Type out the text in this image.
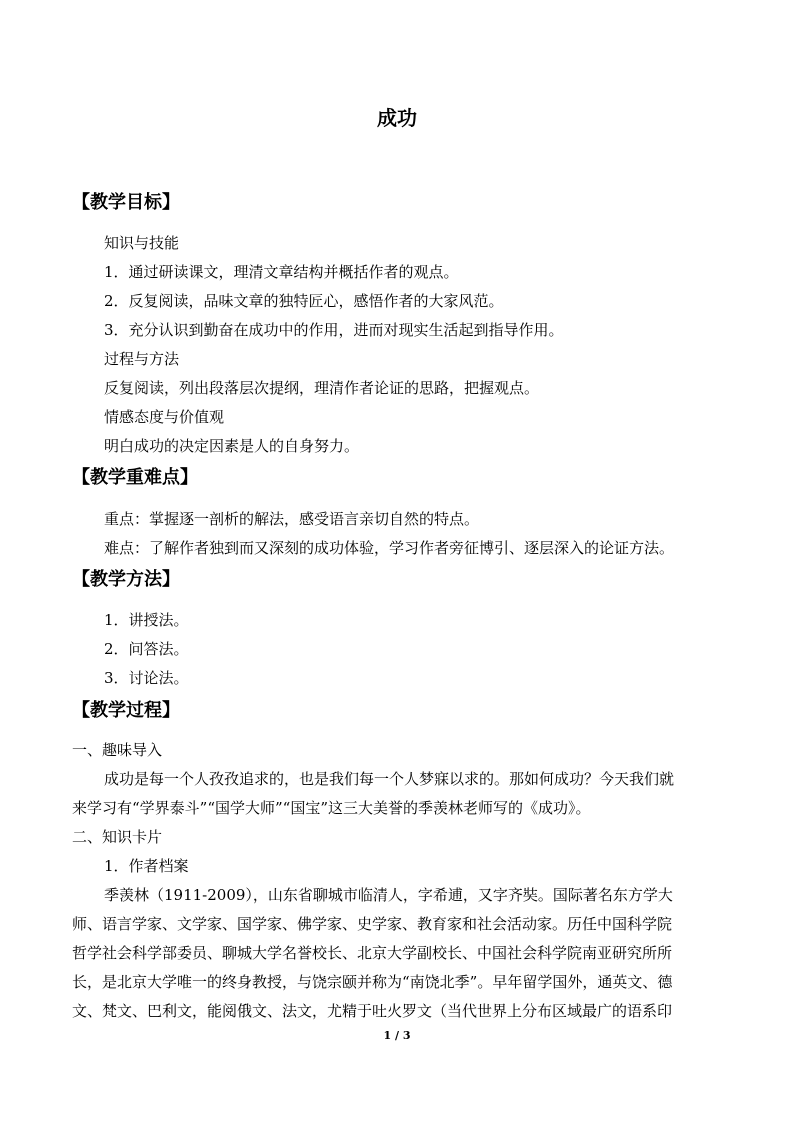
成功
【教学目标】
知识与技能
1．通过研读课文，理清文章结构并概括作者的观点。
2．反复阅读，品味文章的独特匠心，感悟作者的大家风范。
3．充分认识到勤奋在成功中的作用，进而对现实生活起到指导作用。
过程与方法
反复阅读，列出段落层次提纲，理清作者论证的思路，把握观点。
情感态度与价值观
明白成功的决定因素是人的自身努力。
【教学重难点】
重点：掌握逐一剖析的解法，感受语言亲切自然的特点。
难点：了解作者独到而又深刻的成功体验，学习作者旁征博引、逐层深入的论证方法。
【教学方法】
1．讲授法。
2．问答法。
3．讨论法。
【教学过程】
一、趣味导入
成功是每一个人孜孜追求的，也是我们每一个人梦寐以求的。那如何成功？今天我们就
来学习有“学界泰斗”“国学大师”“国宝”这三大美誉的季羡林老师写的《成功》。
二、知识卡片
1．作者档案
季羡林（1911-2009），山东省聊城市临清人，字希逋，又字齐奘。国际著名东方学大
师、语言学家、文学家、国学家、佛学家、史学家、教育家和社会活动家。历任中国科学院
哲学社会科学部委员、聊城大学名誉校长、北京大学副校长、中国社会科学院南亚研究所所
长，是北京大学唯一的终身教授，与饶宗颐并称为“南饶北季”。早年留学国外，通英文、德
文、梵文、巴利文，能阅俄文、法文，尤精于吐火罗文（当代世界上分布区域最广的语系印
1 / 3
